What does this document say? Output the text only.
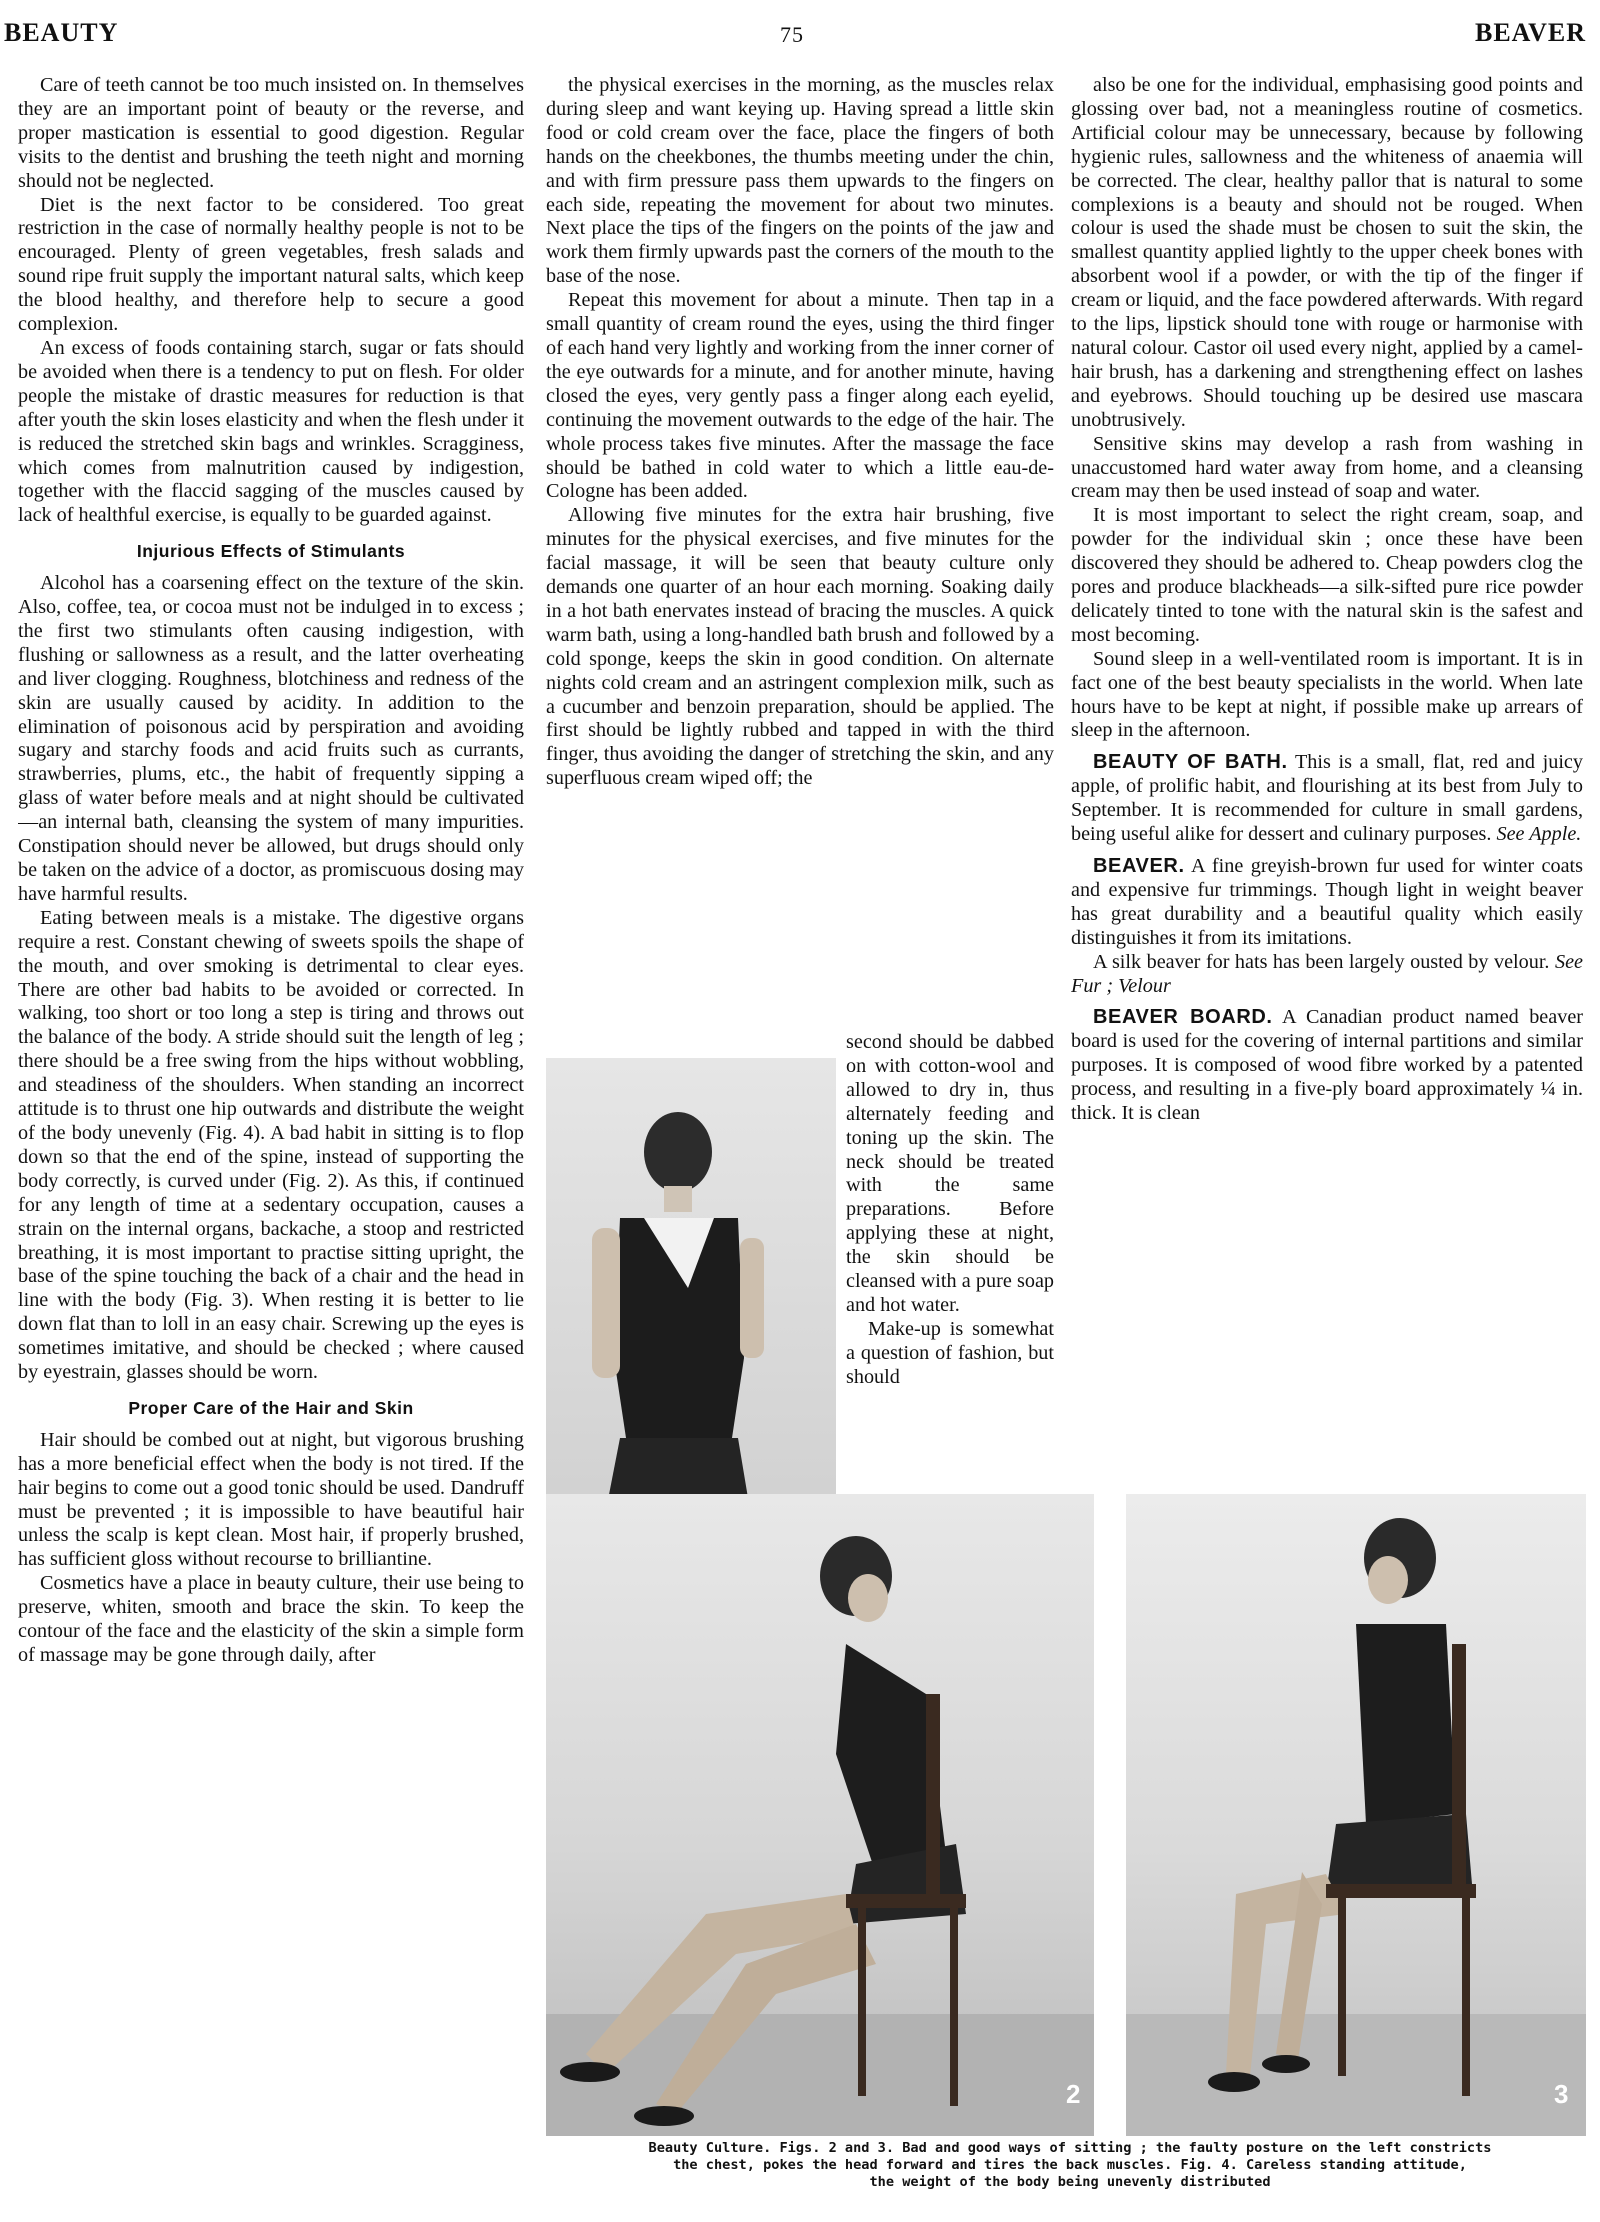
BEAUTY	75	BEAVER

Care of teeth cannot be too much insisted on. In themselves they are an important point of beauty or the reverse, and proper mastication is essential to good digestion. Regular visits to the dentist and brushing the teeth night and morning should not be neglected.

Diet is the next factor to be considered. Too great restriction in the case of normally healthy people is not to be encouraged. Plenty of green vegetables, fresh salads and sound ripe fruit supply the important natural salts, which keep the blood healthy, and therefore help to secure a good complexion.

An excess of foods containing starch, sugar or fats should be avoided when there is a tendency to put on flesh. For older people the mistake of drastic measures for reduction is that after youth the skin loses elasticity and when the flesh under it is reduced the stretched skin bags and wrinkles. Scragginess, which comes from malnutrition caused by indigestion, together with the flaccid sagging of the muscles caused by lack of healthful exercise, is equally to be guarded against.

Injurious Effects of Stimulants

Alcohol has a coarsening effect on the texture of the skin. Also, coffee, tea, or cocoa must not be indulged in to excess ; the first two stimulants often causing indigestion, with flushing or sallowness as a result, and the latter overheating and liver clogging. Roughness, blotchiness and redness of the skin are usually caused by acidity. In addition to the elimination of poisonous acid by perspiration and avoiding sugary and starchy foods and acid fruits such as currants, strawberries, plums, etc., the habit of frequently sipping a glass of water before meals and at night should be cultivated—an internal bath, cleansing the system of many impurities. Constipation should never be allowed, but drugs should only be taken on the advice of a doctor, as promiscuous dosing may have harmful results.

Eating between meals is a mistake. The digestive organs require a rest. Constant chewing of sweets spoils the shape of the mouth, and over smoking is detrimental to clear eyes. There are other bad habits to be avoided or corrected. In walking, too short or too long a step is tiring and throws out the balance of the body. A stride should suit the length of leg ; there should be a free swing from the hips without wobbling, and steadiness of the shoulders. When standing an incorrect attitude is to thrust one hip outwards and distribute the weight of the body unevenly (Fig. 4). A bad habit in sitting is to flop down so that the end of the spine, instead of supporting the body correctly, is curved under (Fig. 2). As this, if continued for any length of time at a sedentary occupation, causes a strain on the internal organs, backache, a stoop and restricted breathing, it is most important to practise sitting upright, the base of the spine touching the back of a chair and the head in line with the body (Fig. 3). When resting it is better to lie down flat than to loll in an easy chair. Screwing up the eyes is sometimes imitative, and should be checked ; where caused by eyestrain, glasses should be worn.

Proper Care of the Hair and Skin

Hair should be combed out at night, but vigorous brushing has a more beneficial effect when the body is not tired. If the hair begins to come out a good tonic should be used. Dandruff must be prevented ; it is impossible to have beautiful hair unless the scalp is kept clean. Most hair, if properly brushed, has sufficient gloss without recourse to brilliantine.

Cosmetics have a place in beauty culture, their use being to preserve, whiten, smooth and brace the skin. To keep the contour of the face and the elasticity of the skin a simple form of massage may be gone through daily, after

the physical exercises in the morning, as the muscles relax during sleep and want keying up. Having spread a little skin food or cold cream over the face, place the fingers of both hands on the cheekbones, the thumbs meeting under the chin, and with firm pressure pass them upwards to the fingers on each side, repeating the movement for about two minutes. Next place the tips of the fingers on the points of the jaw and work them firmly upwards past the corners of the mouth to the base of the nose.

Repeat this movement for about a minute. Then tap in a small quantity of cream round the eyes, using the third finger of each hand very lightly and working from the inner corner of the eye outwards for a minute, and for another minute, having closed the eyes, very gently pass a finger along each eyelid, continuing the movement outwards to the edge of the hair. The whole process takes five minutes. After the massage the face should be bathed in cold water to which a little eau-de-Cologne has been added.

Allowing five minutes for the extra hair brushing, five minutes for the physical exercises, and five minutes for the facial massage, it will be seen that beauty culture only demands one quarter of an hour each morning. Soaking daily in a hot bath enervates instead of bracing the muscles. A quick warm bath, using a long-handled bath brush and followed by a cold sponge, keeps the skin in good condition. On alternate nights cold cream and an astringent complexion milk, such as a cucumber and benzoin preparation, should be applied. The first should be lightly rubbed and tapped in with the third finger, thus avoiding the danger of stretching the skin, and any superfluous cream wiped off; the

second should be dabbed on with cotton-wool and allowed to dry in, thus alternately feeding and toning up the skin. The neck should be treated with the same preparations. Before applying these at night, the skin should be cleansed with a pure soap and hot water.

Make-up is somewhat a question of fashion, but should

also be one for the individual, emphasising good points and glossing over bad, not a meaningless routine of cosmetics. Artificial colour may be unnecessary, because by following hygienic rules, sallowness and the whiteness of anaemia will be corrected. The clear, healthy pallor that is natural to some complexions is a beauty and should not be rouged. When colour is used the shade must be chosen to suit the skin, the smallest quantity applied lightly to the upper cheek bones with absorbent wool if a powder, or with the tip of the finger if cream or liquid, and the face powdered afterwards. With regard to the lips, lipstick should tone with rouge or harmonise with natural colour. Castor oil used every night, applied by a camel-hair brush, has a darkening and strengthening effect on lashes and eyebrows. Should touching up be desired use mascara unobtrusively.

Sensitive skins may develop a rash from washing in unaccustomed hard water away from home, and a cleansing cream may then be used instead of soap and water.

It is most important to select the right cream, soap, and powder for the individual skin ; once these have been discovered they should be adhered to. Cheap powders clog the pores and produce blackheads—a silk-sifted pure rice powder delicately tinted to tone with the natural skin is the safest and most becoming.

Sound sleep in a well-ventilated room is important. It is in fact one of the best beauty specialists in the world. When late hours have to be kept at night, if possible make up arrears of sleep in the afternoon.

BEAUTY OF BATH. This is a small, flat, red and juicy apple, of prolific habit, and flourishing at its best from July to September. It is recommended for culture in small gardens, being useful alike for dessert and culinary purposes. See Apple.

BEAVER. A fine greyish-brown fur used for winter coats and expensive fur trimmings. Though light in weight beaver has great durability and a beautiful quality which easily distinguishes it from its imitations.

A silk beaver for hats has been largely ousted by velour. See Fur ; Velour

BEAVER BOARD. A Canadian product named beaver board is used for the covering of internal partitions and similar purposes. It is composed of wood fibre worked by a patented process, and resulting in a five-ply board approximately ¼ in. thick. It is clean

2	3
Beauty Culture. Figs. 2 and 3. Bad and good ways of sitting ; the faulty posture on the left constricts
the chest, pokes the head forward and tires the back muscles. Fig. 4. Careless standing attitude,
the weight of the body being unevenly distributed
